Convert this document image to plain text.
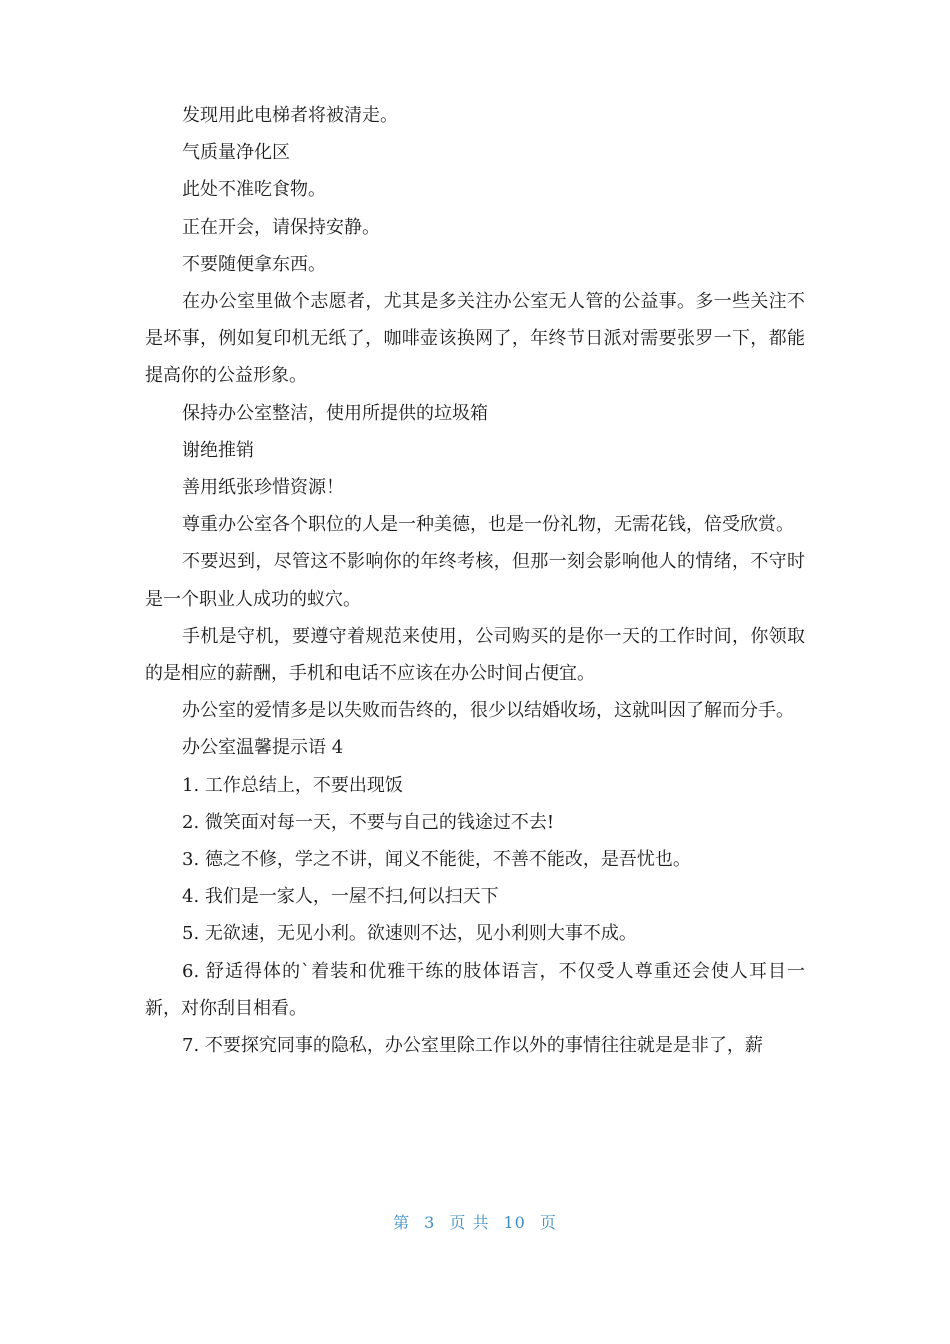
发现用此电梯者将被清走。

气质量净化区

此处不准吃食物。

正在开会，请保持安静。

不要随便拿东西。

在办公室里做个志愿者，尤其是多关注办公室无人管的公益事。多一些关注不是坏事，例如复印机无纸了，咖啡壶该换网了，年终节日派对需要张罗一下，都能提高你的公益形象。

保持办公室整洁，使用所提供的垃圾箱

谢绝推销

善用纸张珍惜资源！

尊重办公室各个职位的人是一种美德，也是一份礼物，无需花钱，倍受欣赏。

不要迟到，尽管这不影响你的年终考核，但那一刻会影响他人的情绪，不守时是一个职业人成功的蚁穴。

手机是守机，要遵守着规范来使用，公司购买的是你一天的工作时间，你领取的是相应的薪酬，手机和电话不应该在办公时间占便宜。

办公室的爱情多是以失败而告终的，很少以结婚收场，这就叫因了解而分手。

办公室温馨提示语 4

1. 工作总结上，不要出现饭

2. 微笑面对每一天，不要与自己的钱途过不去!

3. 德之不修，学之不讲，闻义不能徙，不善不能改，是吾忧也。

4. 我们是一家人，一屋不扫,何以扫天下

5. 无欲速，无见小利。欲速则不达，见小利则大事不成。

6. 舒适得体的`着装和优雅干练的肢体语言，不仅受人尊重还会使人耳目一新，对你刮目相看。

7. 不要探究同事的隐私，办公室里除工作以外的事情往往就是是非了，薪

第 3 页 共 10 页
